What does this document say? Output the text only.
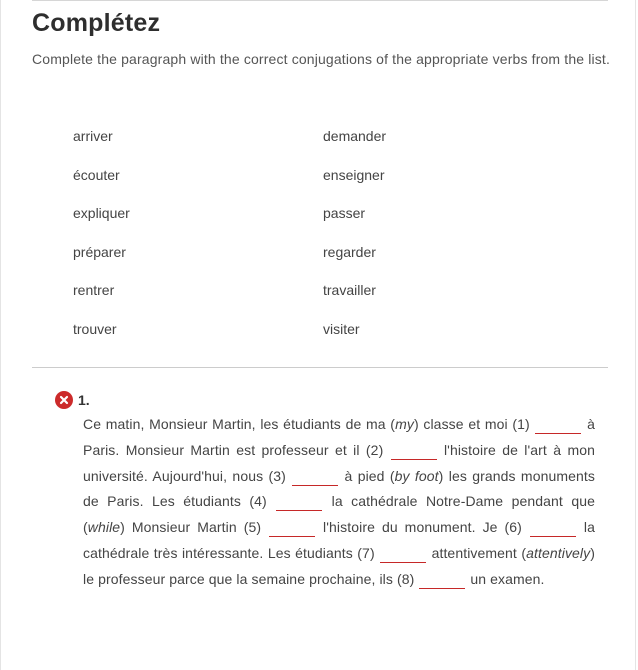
Complétez

Complete the paragraph with the correct conjugations of the appropriate verbs from the list.

arriver	demander
écouter	enseigner
expliquer	passer
préparer	regarder
rentrer	travailler
trouver	visiter
1.

Ce matin, Monsieur Martin, les étudiants de ma (my) classe et moi (1)	à Paris. Monsieur Martin est professeur et il (2)	l'histoire de l'art à mon université. Aujourd'hui, nous (3)	à pied (by foot) les grands monuments de Paris. Les étudiants (4)	la cathédrale Notre-Dame pendant que (while) Monsieur Martin (5)	l'histoire du monument. Je (6)	la cathédrale très intéressante. Les étudiants (7)	attentivement (attentively) le professeur parce que la semaine prochaine, ils (8)	un examen.
